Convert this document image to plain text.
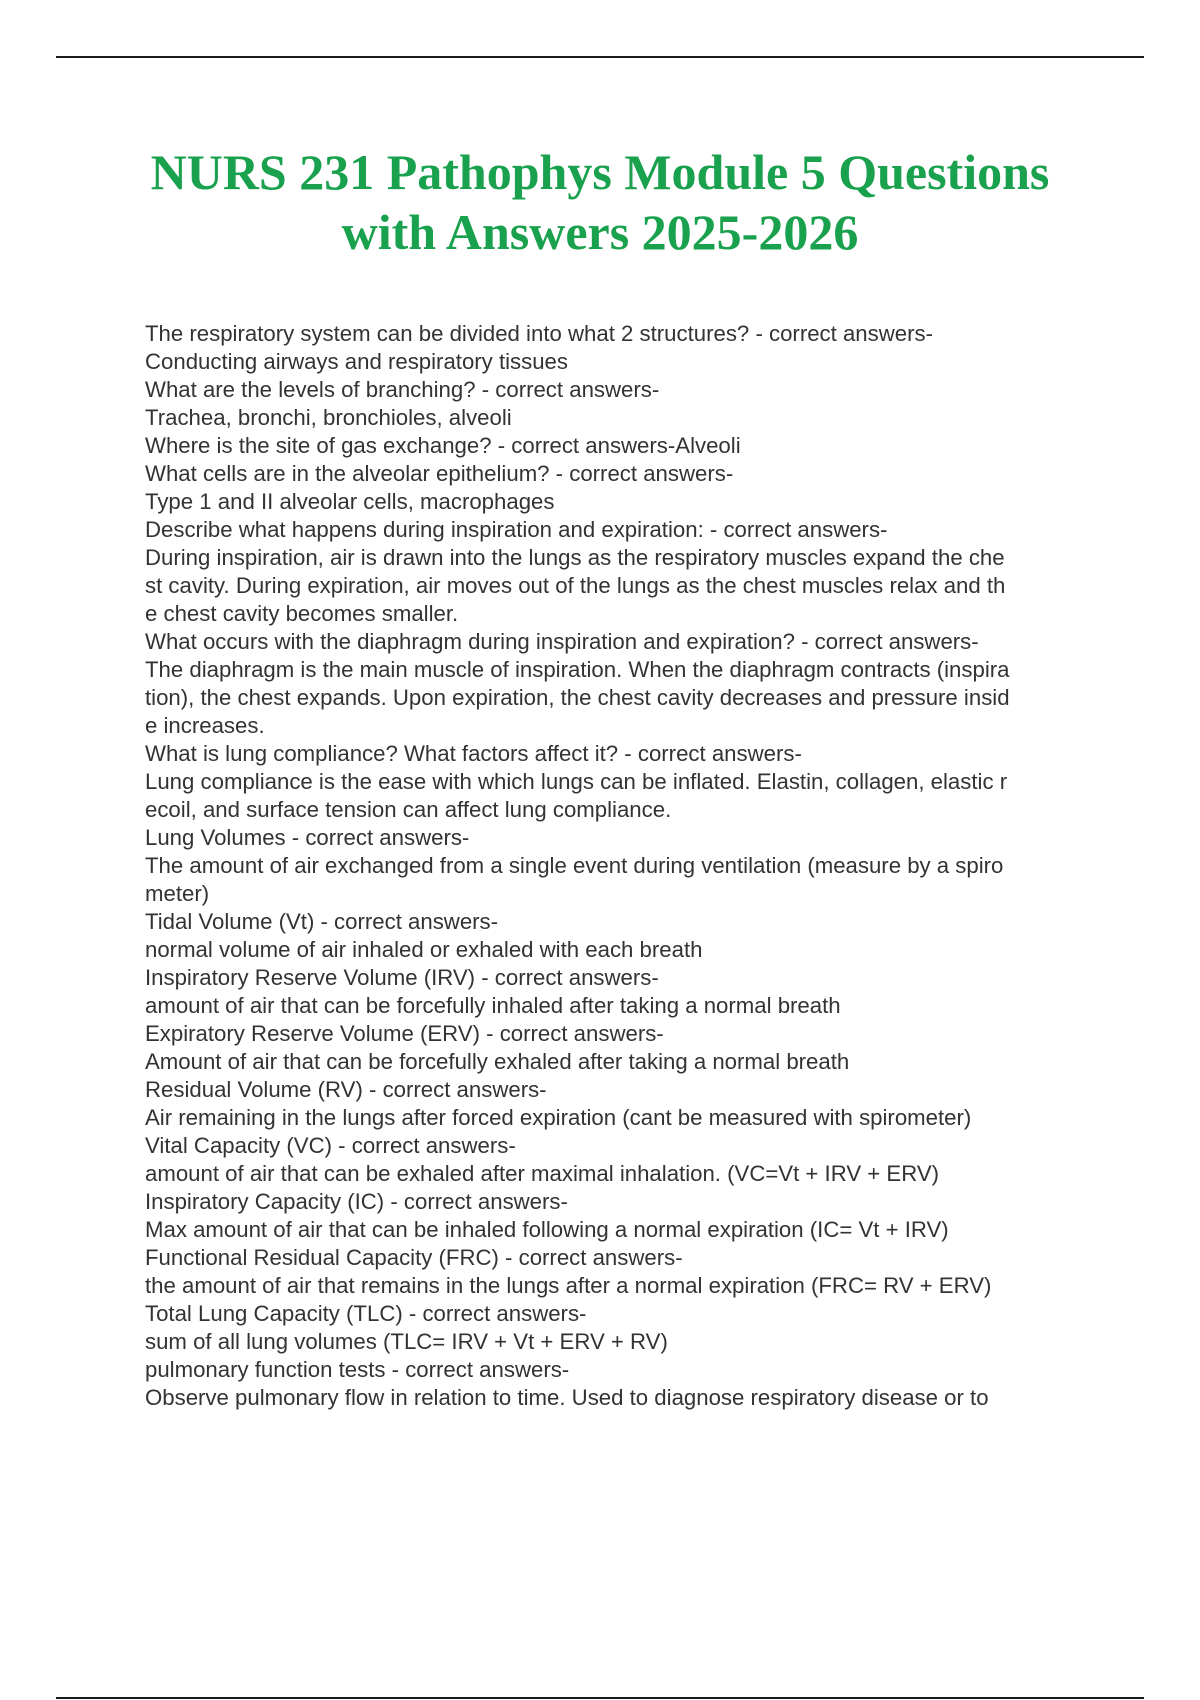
NURS 231 Pathophys Module 5 Questions
with Answers 2025-2026
The respiratory system can be divided into what 2 structures? - correct answers-
Conducting airways and respiratory tissues
What are the levels of branching? - correct answers-
Trachea, bronchi, bronchioles, alveoli
Where is the site of gas exchange? - correct answers-Alveoli
What cells are in the alveolar epithelium? - correct answers-
Type 1 and II alveolar cells, macrophages
Describe what happens during inspiration and expiration: - correct answers-
During inspiration, air is drawn into the lungs as the respiratory muscles expand the che
st cavity. During expiration, air moves out of the lungs as the chest muscles relax and th
e chest cavity becomes smaller.
What occurs with the diaphragm during inspiration and expiration? - correct answers-
The diaphragm is the main muscle of inspiration. When the diaphragm contracts (inspira
tion), the chest expands. Upon expiration, the chest cavity decreases and pressure insid
e increases.
What is lung compliance? What factors affect it? - correct answers-
Lung compliance is the ease with which lungs can be inflated. Elastin, collagen, elastic r
ecoil, and surface tension can affect lung compliance.
Lung Volumes - correct answers-
The amount of air exchanged from a single event during ventilation (measure by a spiro
meter)
Tidal Volume (Vt) - correct answers-
normal volume of air inhaled or exhaled with each breath
Inspiratory Reserve Volume (IRV) - correct answers-
amount of air that can be forcefully inhaled after taking a normal breath
Expiratory Reserve Volume (ERV) - correct answers-
Amount of air that can be forcefully exhaled after taking a normal breath
Residual Volume (RV) - correct answers-
Air remaining in the lungs after forced expiration (cant be measured with spirometer)
Vital Capacity (VC) - correct answers-
amount of air that can be exhaled after maximal inhalation. (VC=Vt + IRV + ERV)
Inspiratory Capacity (IC) - correct answers-
Max amount of air that can be inhaled following a normal expiration (IC= Vt + IRV)
Functional Residual Capacity (FRC) - correct answers-
the amount of air that remains in the lungs after a normal expiration (FRC= RV + ERV)
Total Lung Capacity (TLC) - correct answers-
sum of all lung volumes (TLC= IRV + Vt + ERV + RV)
pulmonary function tests - correct answers-
Observe pulmonary flow in relation to time. Used to diagnose respiratory disease or to
